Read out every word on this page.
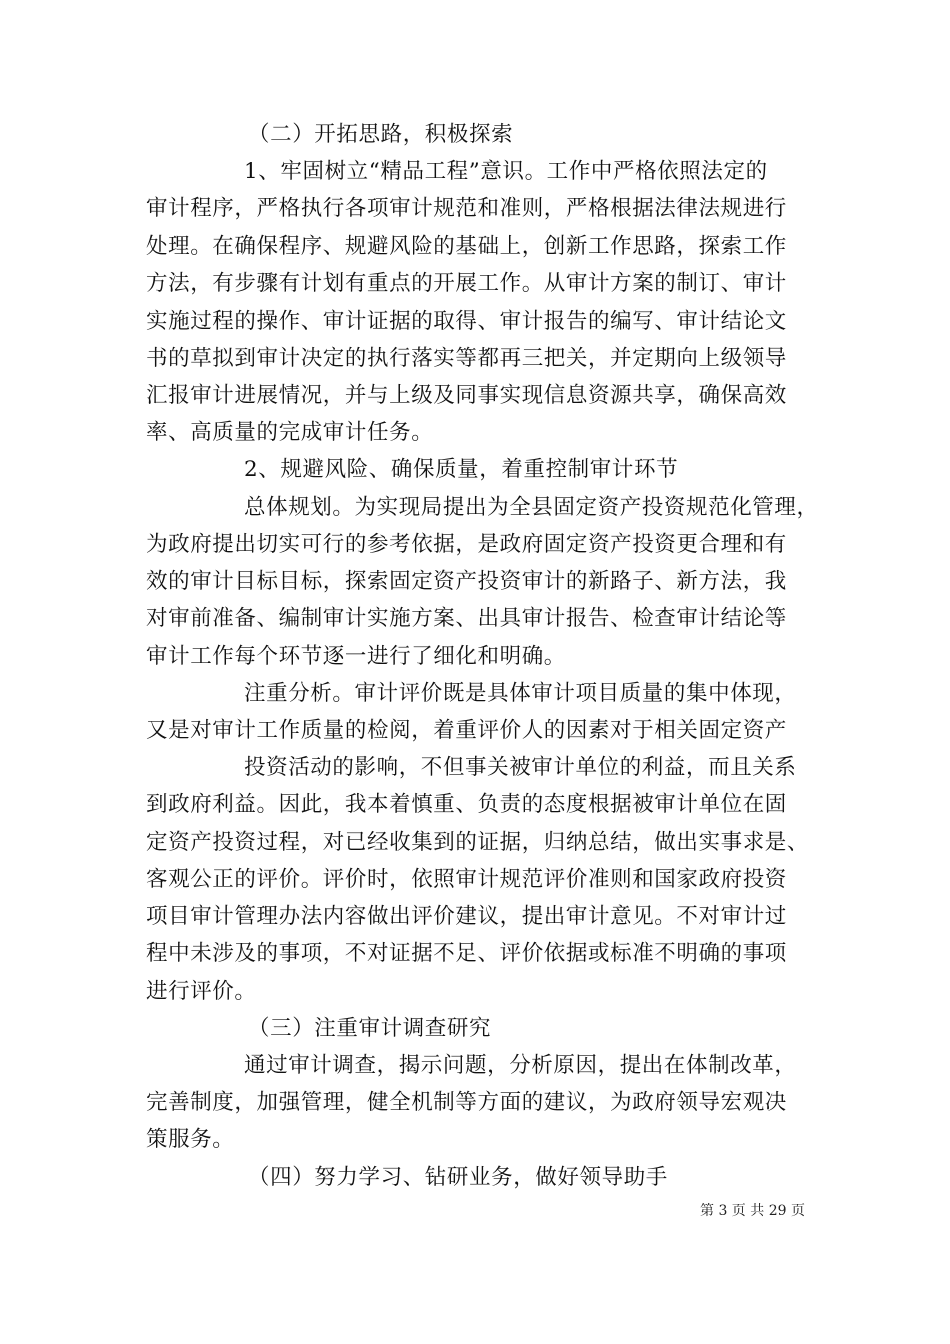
（二）开拓思路，积极探索
1、牢固树立“精品工程”意识。工作中严格依照法定的
审计程序，严格执行各项审计规范和准则，严格根据法律法规进行
处理。在确保程序、规避风险的基础上，创新工作思路，探索工作
方法，有步骤有计划有重点的开展工作。从审计方案的制订、审计
实施过程的操作、审计证据的取得、审计报告的编写、审计结论文
书的草拟到审计决定的执行落实等都再三把关，并定期向上级领导
汇报审计进展情况，并与上级及同事实现信息资源共享，确保高效
率、高质量的完成审计任务。
2、规避风险、确保质量，着重控制审计环节
总体规划。为实现局提出为全县固定资产投资规范化管理，
为政府提出切实可行的参考依据，是政府固定资产投资更合理和有
效的审计目标目标，探索固定资产投资审计的新路子、新方法，我
对审前准备、编制审计实施方案、出具审计报告、检查审计结论等
审计工作每个环节逐一进行了细化和明确。
注重分析。审计评价既是具体审计项目质量的集中体现，
又是对审计工作质量的检阅，着重评价人的因素对于相关固定资产
投资活动的影响，不但事关被审计单位的利益，而且关系
到政府利益。因此，我本着慎重、负责的态度根据被审计单位在固
定资产投资过程，对已经收集到的证据，归纳总结，做出实事求是、
客观公正的评价。评价时，依照审计规范评价准则和国家政府投资
项目审计管理办法内容做出评价建议，提出审计意见。不对审计过
程中未涉及的事项，不对证据不足、评价依据或标准不明确的事项
进行评价。
（三）注重审计调查研究
通过审计调查，揭示问题，分析原因，提出在体制改革，
完善制度，加强管理，健全机制等方面的建议，为政府领导宏观决
策服务。
（四）努力学习、钻研业务，做好领导助手
第 3 页 共 29 页
